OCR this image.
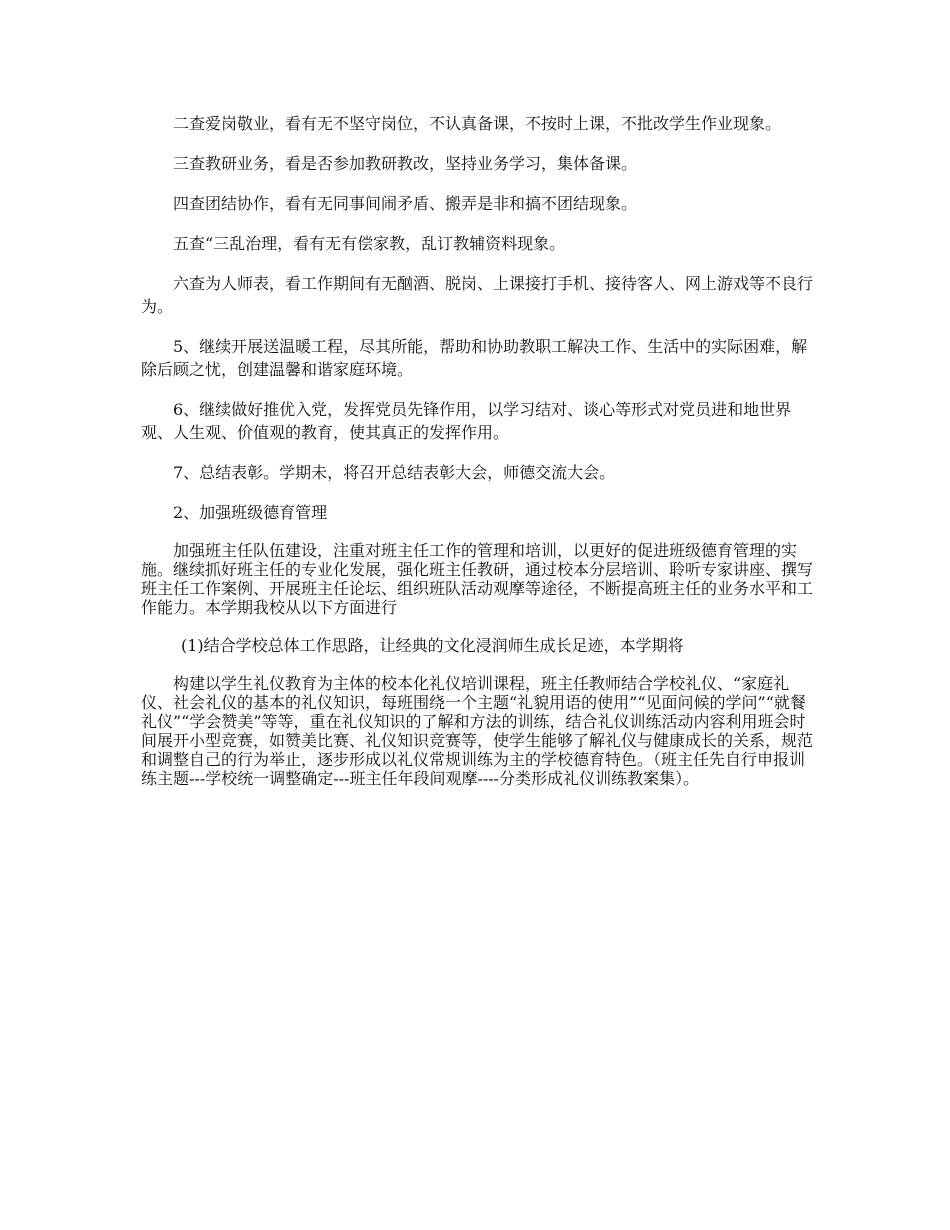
二查爱岗敬业，看有无不坚守岗位，不认真备课，不按时上课，不批改学生作业现象。

三查教研业务，看是否参加教研教改，坚持业务学习，集体备课。

四查团结协作，看有无同事间闹矛盾、搬弄是非和搞不团结现象。

五查“三乱治理，看有无有偿家教，乱订教辅资料现象。

六查为人师表，看工作期间有无酗酒、脱岗、上课接打手机、接待客人、网上游戏等不良行为。

5、继续开展送温暖工程，尽其所能，帮助和协助教职工解决工作、生活中的实际困难，解除后顾之忧，创建温馨和谐家庭环境。

6、继续做好推优入党，发挥党员先锋作用，以学习结对、谈心等形式对党员进和地世界观、人生观、价值观的教育，使其真正的发挥作用。

7、总结表彰。学期未，将召开总结表彰大会，师德交流大会。

2、加强班级德育管理

加强班主任队伍建设，注重对班主任工作的管理和培训，以更好的促进班级德育管理的实施。继续抓好班主任的专业化发展，强化班主任教研，通过校本分层培训、聆听专家讲座、撰写班主任工作案例、开展班主任论坛、组织班队活动观摩等途径，不断提高班主任的业务水平和工作能力。本学期我校从以下方面进行

(1)结合学校总体工作思路，让经典的文化浸润师生成长足迹，本学期将

构建以学生礼仪教育为主体的校本化礼仪培训课程，班主任教师结合学校礼仪、“家庭礼仪、社会礼仪的基本的礼仪知识，每班围绕一个主题“礼貌用语的使用”“见面问候的学问”“就餐礼仪”“学会赞美”等等，重在礼仪知识的了解和方法的训练，结合礼仪训练活动内容利用班会时间展开小型竞赛，如赞美比赛、礼仪知识竞赛等，使学生能够了解礼仪与健康成长的关系，规范和调整自己的行为举止，逐步形成以礼仪常规训练为主的学校德育特色。（班主任先自行申报训练主题---学校统一调整确定---班主任年段间观摩----分类形成礼仪训练教案集）。
